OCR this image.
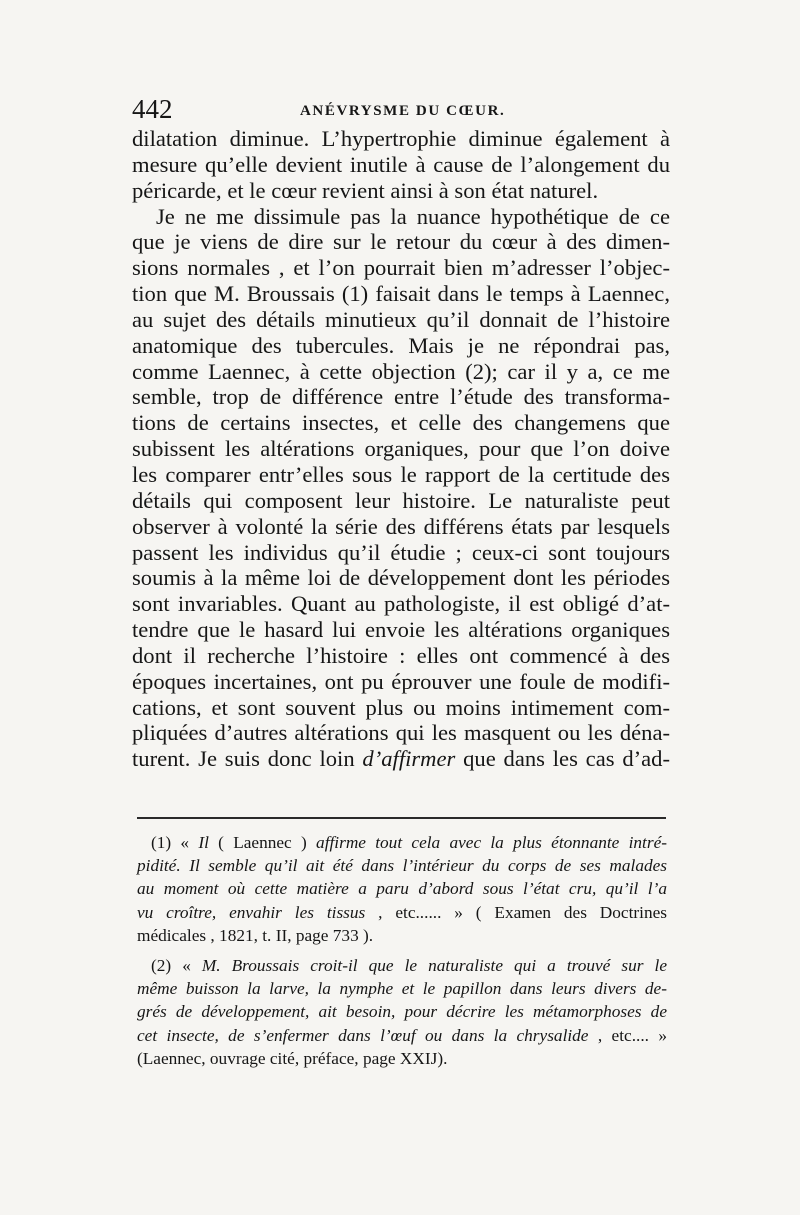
442	ANÉVRYSME DU CŒUR.
dilatation diminue. L’hypertrophie diminue également à
mesure qu’elle devient inutile à cause de l’alongement du
péricarde, et le cœur revient ainsi à son état naturel.
Je ne me dissimule pas la nuance hypothétique de ce
que je viens de dire sur le retour du cœur à des dimen-
sions normales , et l’on pourrait bien m’adresser l’objec-
tion que M. Broussais (1) faisait dans le temps à Laennec,
au sujet des détails minutieux qu’il donnait de l’histoire
anatomique des tubercules. Mais je ne répondrai pas,
comme Laennec, à cette objection (2); car il y a, ce me
semble, trop de différence entre l’étude des transforma-
tions de certains insectes, et celle des changemens que
subissent les altérations organiques, pour que l’on doive
les comparer entr’elles sous le rapport de la certitude des
détails qui composent leur histoire. Le naturaliste peut
observer à volonté la série des différens états par lesquels
passent les individus qu’il étudie ; ceux-ci sont toujours
soumis à la même loi de développement dont les périodes
sont invariables. Quant au pathologiste, il est obligé d’at-
tendre que le hasard lui envoie les altérations organiques
dont il recherche l’histoire : elles ont commencé à des
époques incertaines, ont pu éprouver une foule de modifi-
cations, et sont souvent plus ou moins intimement com-
pliquées d’autres altérations qui les masquent ou les déna-
turent. Je suis donc loin d’affirmer que dans les cas d’ad-
(1) « Il ( Laennec ) affirme tout cela avec la plus étonnante intré-
pidité. Il semble qu’il ait été dans l’intérieur du corps de ses malades
au moment où cette matière a paru d’abord sous l’état cru, qu’il l’a
vu croître, envahir les tissus , etc...... » ( Examen des Doctrines
médicales , 1821, t. II, page 733 ).
(2) « M. Broussais croit-il que le naturaliste qui a trouvé sur le
même buisson la larve, la nymphe et le papillon dans leurs divers de-
grés de développement, ait besoin, pour décrire les métamorphoses de
cet insecte, de s’enfermer dans l’œuf ou dans la chrysalide , etc.... »
(Laennec, ouvrage cité, préface, page XXIJ).
